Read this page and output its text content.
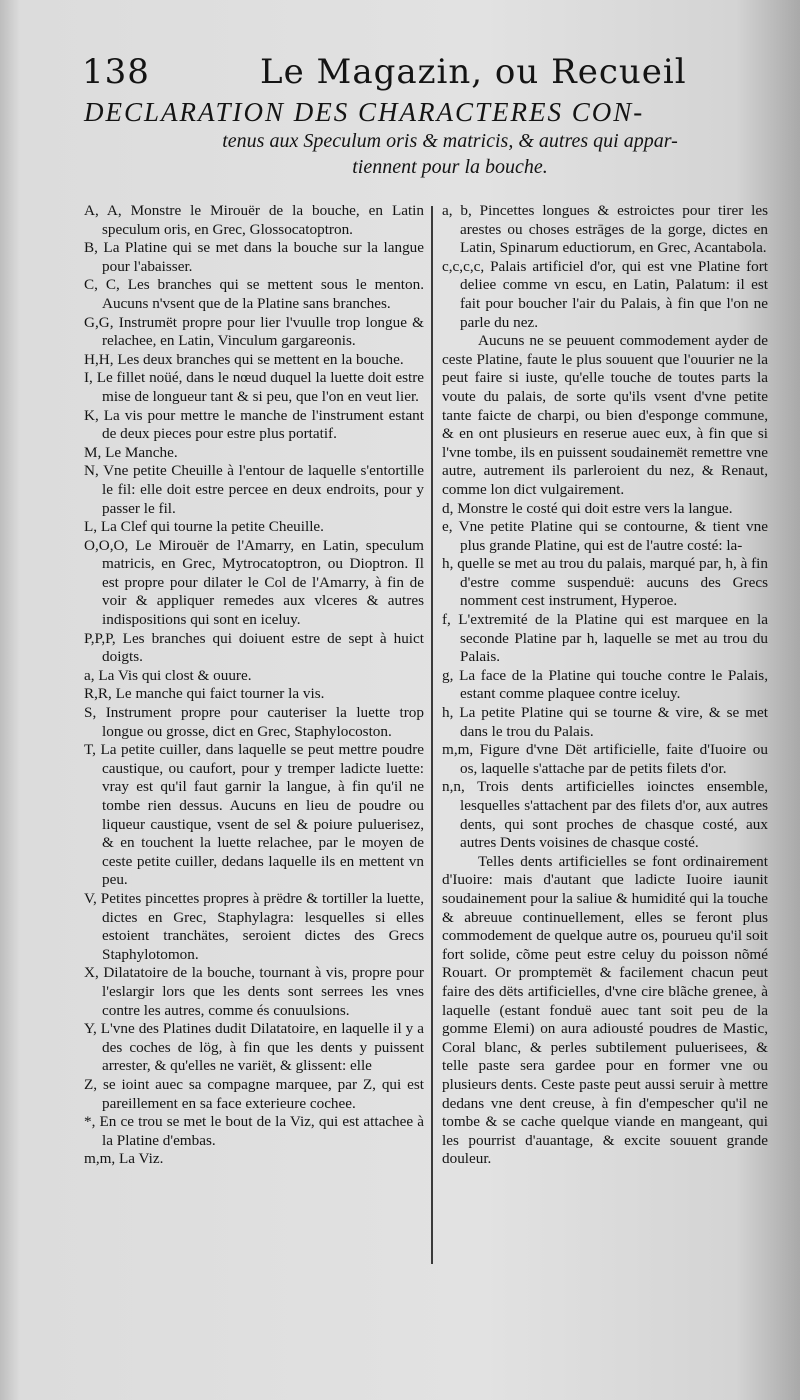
138	Le Magazin, ou Recueil
DECLARATION DES CHARACTERES CON-
tenus aux Speculum oris & matricis, & autres qui appar-
tiennent pour la bouche.

A, A, Monstre le Mirouër de la bouche, en Latin speculum oris, en Grec, Glossocatoptron.

B, La Platine qui se met dans la bouche sur la langue pour l'abaisser.

C, C, Les branches qui se mettent sous le menton. Aucuns n'vsent que de la Platine sans branches.

G,G, Instrumët propre pour lier l'vuulle trop longue & relachee, en Latin, Vinculum gargareonis.

H,H, Les deux branches qui se mettent en la bouche.

I, Le fillet noüé, dans le nœud duquel la luette doit estre mise de longueur tant & si peu, que l'on en veut lier.

K, La vis pour mettre le manche de l'instrument estant de deux pieces pour estre plus portatif.

M, Le Manche.

N, Vne petite Cheuille à l'entour de laquelle s'entortille le fil: elle doit estre percee en deux endroits, pour y passer le fil.

L, La Clef qui tourne la petite Cheuille.

O,O,O, Le Mirouër de l'Amarry, en Latin, speculum matricis, en Grec, Mytrocatoptron, ou Dioptron. Il est propre pour dilater le Col de l'Amarry, à fin de voir & appliquer remedes aux vlceres & autres indispositions qui sont en iceluy.

P,P,P, Les branches qui doiuent estre de sept à huict doigts.

a, La Vis qui clost & ouure.

R,R, Le manche qui faict tourner la vis.

S, Instrument propre pour cauteriser la luette trop longue ou grosse, dict en Grec, Staphylocoston.

T, La petite cuiller, dans laquelle se peut mettre poudre caustique, ou caufort, pour y tremper ladicte luette: vray est qu'il faut garnir la langue, à fin qu'il ne tombe rien dessus. Aucuns en lieu de poudre ou liqueur caustique, vsent de sel & poiure puluerisez, & en touchent la luette relachee, par le moyen de ceste petite cuiller, dedans laquelle ils en mettent vn peu.

V, Petites pincettes propres à prëdre & tortiller la luette, dictes en Grec, Staphylagra: lesquelles si elles estoient tranchätes, seroient dictes des Grecs Staphylotomon.

X, Dilatatoire de la bouche, tournant à vis, propre pour l'eslargir lors que les dents sont serrees les vnes contre les autres, comme és conuulsions.

Y, L'vne des Platines dudit Dilatatoire, en laquelle il y a des coches de lög, à fin que les dents y puissent arrester, & qu'elles ne variët, & glissent: elle

Z, se ioint auec sa compagne marquee, par Z, qui est pareillement en sa face exterieure cochee.

*, En ce trou se met le bout de la Viz, qui est attachee à la Platine d'embas.

m,m, La Viz.

a, b, Pincettes longues & estroictes pour tirer les arestes ou choses estrāges de la gorge, dictes en Latin, Spinarum eductiorum, en Grec, Acantabola.

c,c,c,c, Palais artificiel d'or, qui est vne Platine fort deliee comme vn escu, en Latin, Palatum: il est fait pour boucher l'air du Palais, à fin que l'on ne parle du nez.

Aucuns ne se peuuent commodement ayder de ceste Platine, faute le plus souuent que l'ouurier ne la peut faire si iuste, qu'elle touche de toutes parts la voute du palais, de sorte qu'ils vsent d'vne petite tante faicte de charpi, ou bien d'esponge commune, & en ont plusieurs en reserue auec eux, à fin que si l'vne tombe, ils en puissent soudainemët remettre vne autre, autrement ils parleroient du nez, & Renaut, comme lon dict vulgairement.

d, Monstre le costé qui doit estre vers la langue.

e, Vne petite Platine qui se contourne, & tient vne plus grande Platine, qui est de l'autre costé: la-

h, quelle se met au trou du palais, marqué par, h, à fin d'estre comme suspenduë: aucuns des Grecs nomment cest instrument, Hyperoe.

f, L'extremité de la Platine qui est marquee en la seconde Platine par h, laquelle se met au trou du Palais.

g, La face de la Platine qui touche contre le Palais, estant comme plaquee contre iceluy.

h, La petite Platine qui se tourne & vire, & se met dans le trou du Palais.

m,m, Figure d'vne Dët artificielle, faite d'Iuoire ou os, laquelle s'attache par de petits filets d'or.

n,n, Trois dents artificielles ioinctes ensemble, lesquelles s'attachent par des filets d'or, aux autres dents, qui sont proches de chasque costé, aux autres Dents voisines de chasque costé.

Telles dents artificielles se font ordinairement d'Iuoire: mais d'autant que ladicte Iuoire iaunit soudainement pour la saliue & humidité qui la touche & abreuue continuellement, elles se feront plus commodement de quelque autre os, pourueu qu'il soit fort solide, cõme peut estre celuy du poisson nõmé Rouart. Or promptemët & facilement chacun peut faire des dëts artificielles, d'vne cire blãche grenee, à laquelle (estant fonduë auec tant soit peu de la gomme Elemi) on aura adiousté poudres de Mastic, Coral blanc, & perles subtilement puluerisees, & telle paste sera gardee pour en former vne ou plusieurs dents. Ceste paste peut aussi seruir à mettre dedans vne dent creuse, à fin d'empescher qu'il ne tombe & se cache quelque viande en mangeant, qui les pourrist d'auantage, & excite souuent grande douleur.
